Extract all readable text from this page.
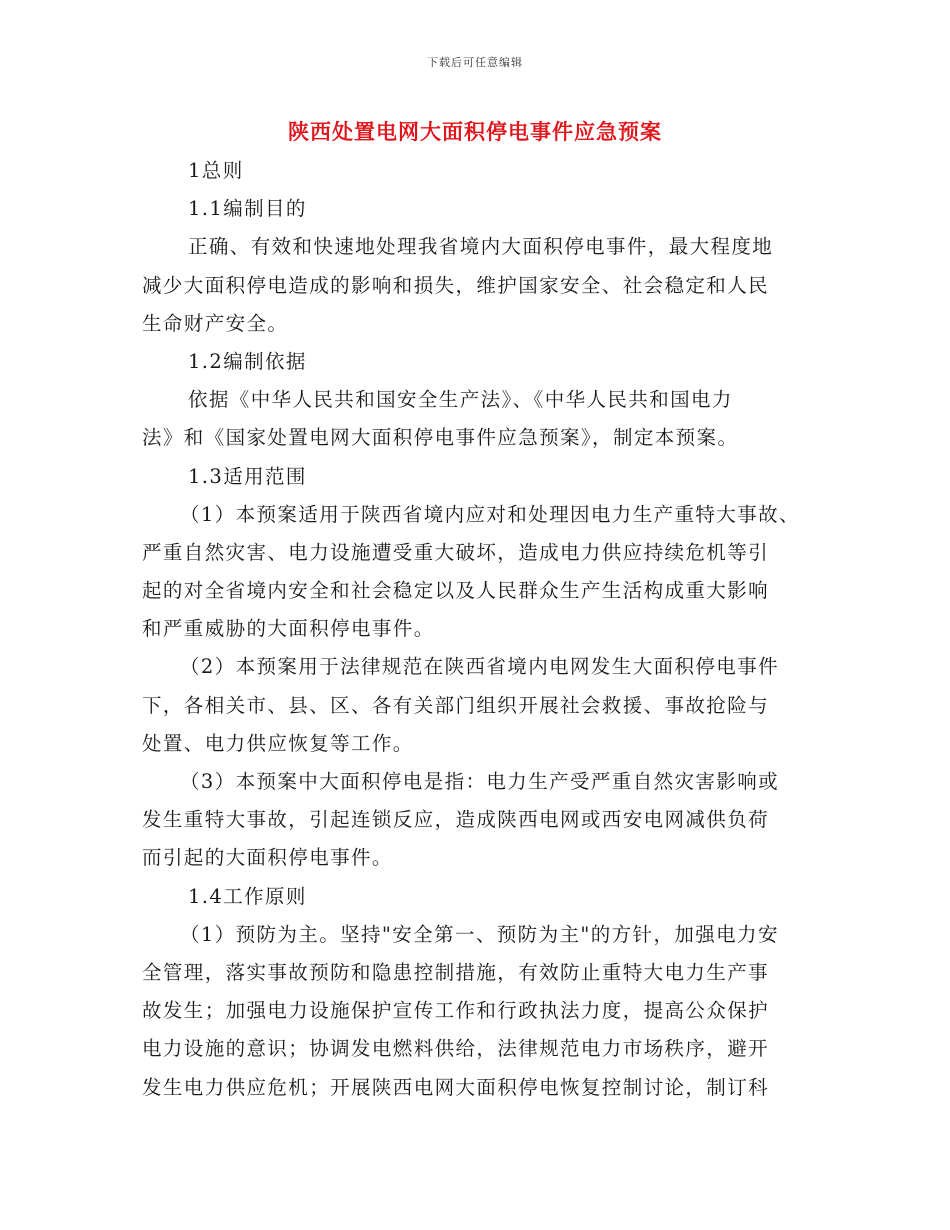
下载后可任意编辑
陕西处置电网大面积停电事件应急预案
1总则
1.1编制目的
正确、有效和快速地处理我省境内大面积停电事件，最大程度地
减少大面积停电造成的影响和损失，维护国家安全、社会稳定和人民
生命财产安全。
1.2编制依据
依据《中华人民共和国安全生产法》、《中华人民共和国电力
法》和《国家处置电网大面积停电事件应急预案》，制定本预案。
1.3适用范围
（1）本预案适用于陕西省境内应对和处理因电力生产重特大事故、
严重自然灾害、电力设施遭受重大破坏，造成电力供应持续危机等引
起的对全省境内安全和社会稳定以及人民群众生产生活构成重大影响
和严重威胁的大面积停电事件。
（2）本预案用于法律规范在陕西省境内电网发生大面积停电事件
下，各相关市、县、区、各有关部门组织开展社会救援、事故抢险与
处置、电力供应恢复等工作。
（3）本预案中大面积停电是指：电力生产受严重自然灾害影响或
发生重特大事故，引起连锁反应，造成陕西电网或西安电网减供负荷
而引起的大面积停电事件。
1.4工作原则
（1）预防为主。坚持"安全第一、预防为主"的方针，加强电力安
全管理，落实事故预防和隐患控制措施，有效防止重特大电力生产事
故发生；加强电力设施保护宣传工作和行政执法力度，提高公众保护
电力设施的意识；协调发电燃料供给，法律规范电力市场秩序，避开
发生电力供应危机；开展陕西电网大面积停电恢复控制讨论，制订科
